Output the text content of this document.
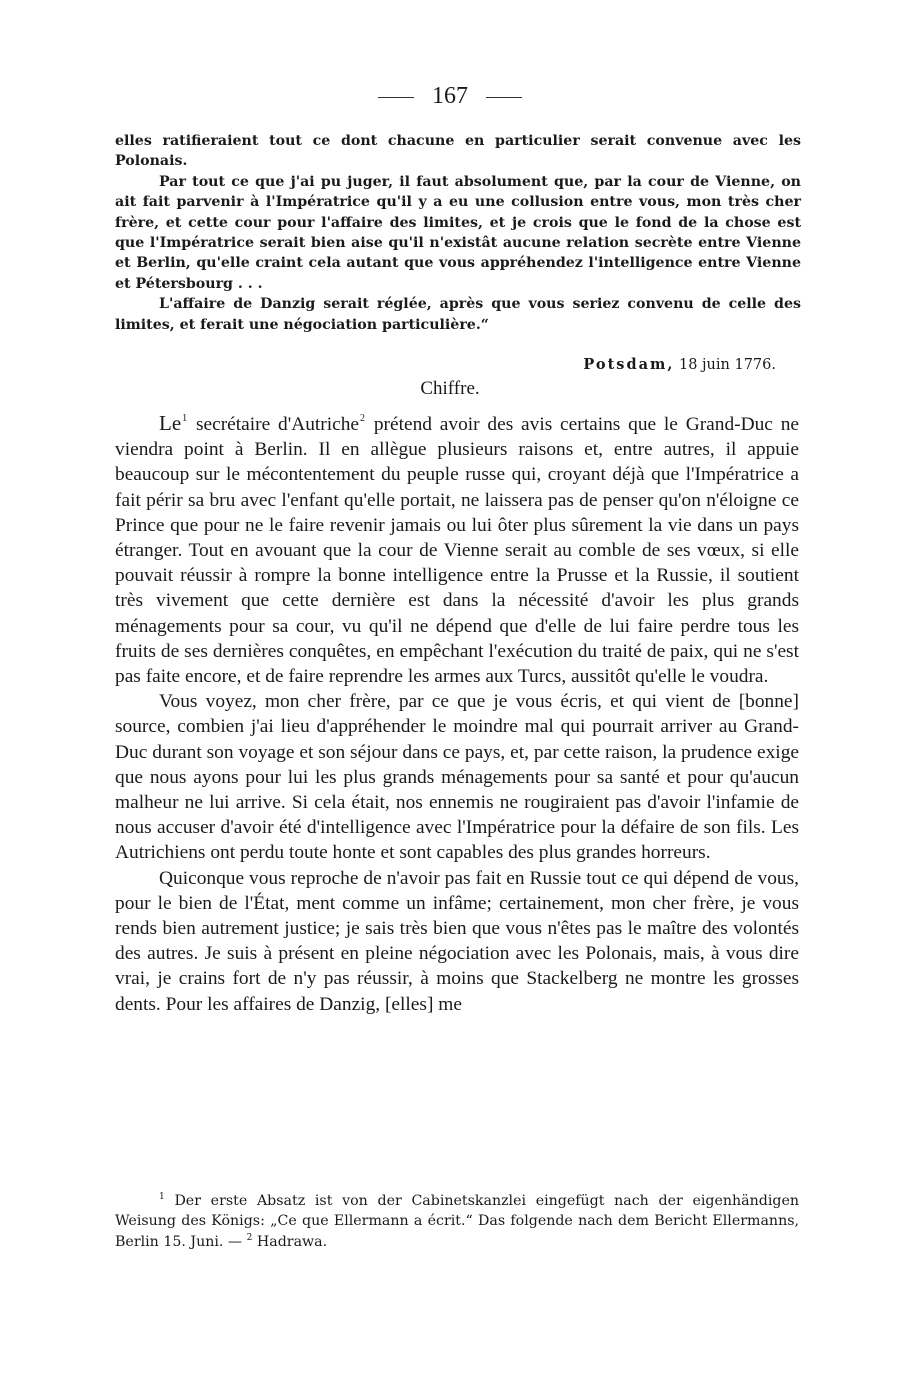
167

elles ratifieraient tout ce dont chacune en particulier serait convenue avec les Polonais.

Par tout ce que j'ai pu juger, il faut absolument que, par la cour de Vienne, on ait fait parvenir à l'Impératrice qu'il y a eu une collusion entre vous, mon très cher frère, et cette cour pour l'affaire des limites, et je crois que le fond de la chose est que l'Impératrice serait bien aise qu'il n'existât aucune relation secrète entre Vienne et Berlin, qu'elle craint cela autant que vous appréhendez l'intelligence entre Vienne et Pétersbourg . . .

L'affaire de Danzig serait réglée, après que vous seriez convenu de celle des limites, et ferait une négociation particulière.“

Potsdam, 18 juin 1776.
Chiffre.

Le$^1$ secrétaire d'Autriche$^2$ prétend avoir des avis certains que le Grand-Duc ne viendra point à Berlin. Il en allègue plusieurs raisons et, entre autres, il appuie beaucoup sur le mécontentement du peuple russe qui, croyant déjà que l'Impératrice a fait périr sa bru avec l'enfant qu'elle portait, ne laissera pas de penser qu'on n'éloigne ce Prince que pour ne le faire revenir jamais ou lui ôter plus sûrement la vie dans un pays étranger. Tout en avouant que la cour de Vienne serait au comble de ses vœux, si elle pouvait réussir à rompre la bonne intelligence entre la Prusse et la Russie, il soutient très vivement que cette dernière est dans la nécessité d'avoir les plus grands ménagements pour sa cour, vu qu'il ne dépend que d'elle de lui faire perdre tous les fruits de ses dernières conquêtes, en empêchant l'exécution du traité de paix, qui ne s'est pas faite encore, et de faire reprendre les armes aux Turcs, aussitôt qu'elle le voudra.

Vous voyez, mon cher frère, par ce que je vous écris, et qui vient de [bonne] source, combien j'ai lieu d'appréhender le moindre mal qui pourrait arriver au Grand-Duc durant son voyage et son séjour dans ce pays, et, par cette raison, la prudence exige que nous ayons pour lui les plus grands ménagements pour sa santé et pour qu'aucun malheur ne lui arrive. Si cela était, nos ennemis ne rougiraient pas d'avoir l'infamie de nous accuser d'avoir été d'intelligence avec l'Impératrice pour la défaire de son fils. Les Autrichiens ont perdu toute honte et sont capables des plus grandes horreurs.

Quiconque vous reproche de n'avoir pas fait en Russie tout ce qui dépend de vous, pour le bien de l'État, ment comme un infâme; certainement, mon cher frère, je vous rends bien autrement justice; je sais très bien que vous n'êtes pas le maître des volontés des autres. Je suis à présent en pleine négociation avec les Polonais, mais, à vous dire vrai, je crains fort de n'y pas réussir, à moins que Stackelberg ne montre les grosses dents. Pour les affaires de Danzig, [elles] me

$^1$ Der erste Absatz ist von der Cabinetskanzlei eingefügt nach der eigenhändigen Weisung des Königs: „Ce que Ellermann a écrit.“ Das folgende nach dem Bericht Ellermanns, Berlin 15. Juni. — $^2$ Hadrawa.
